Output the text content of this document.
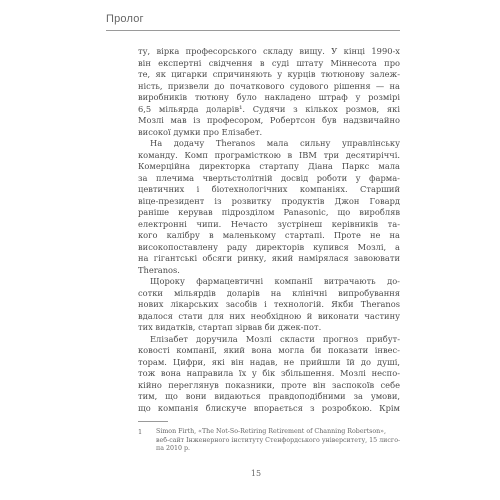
Пролог
ту, вірка професорського складу вищу. У кінці 1990-х
він експертні свідчення в суді штату Міннесота про
те, як цигарки спричиняють у курців тютюнову залеж-
ність, призвели до початкового судового рішення — на
виробників тютюну було накладено штраф у розмірі
6,5 мільярда доларів¹. Судячи з кількох розмов, які
Мозлі мав із професором, Робертсон був надзвичайно
високої думки про Елізабет.
На додачу Theranos мала сильну управлінську
команду. Комп програмісткою в IBM три десятиріччі.
Комерційна директорка стартапу Діана Паркс мала
за плечима чвертьстолітній досвід роботи у фарма-
цевтичних і біотехнологічних компаніях. Старший
віце-президент із розвитку продуктів Джон Говард
раніше керував підрозділом Panasonic, що виробляв
електронні чипи. Нечасто зустрінеш керівників та-
кого калібру в маленькому стартапі. Проте не на
високопоставлену раду директорів купився Мозлі, а
на гігантські обсяги ринку, який намірялася завоювати
Theranos.
Щороку фармацевтичні компанії витрачають до-
сотки мільярдів доларів на клінічні випробування
нових лікарських засобів і технологій. Якби Theranos
вдалося стати для них необхідною й виконати частину
тих видатків, стартап зірвав би джек-пот.
Елізабет доручила Мозлі скласти прогноз прибут-
ковості компанії, який вона могла би показати інвес-
торам. Цифри, які він надав, не прийшли їй до душі,
тож вона направила їх у бік збільшення. Мозлі неспо-
кійно переглянув показники, проте він заспокоїв себе
тим, що вони видаються правдоподібними за умови,
що компанія блискуче впорається з розробкою. Крім
1	Simon Firth, «The Not-So-Retiring Retirement of Channing Robertson»,
веб-сайт Інженерного інституту Стенфордського університету, 15 лисго-
па 2010 р.
15
